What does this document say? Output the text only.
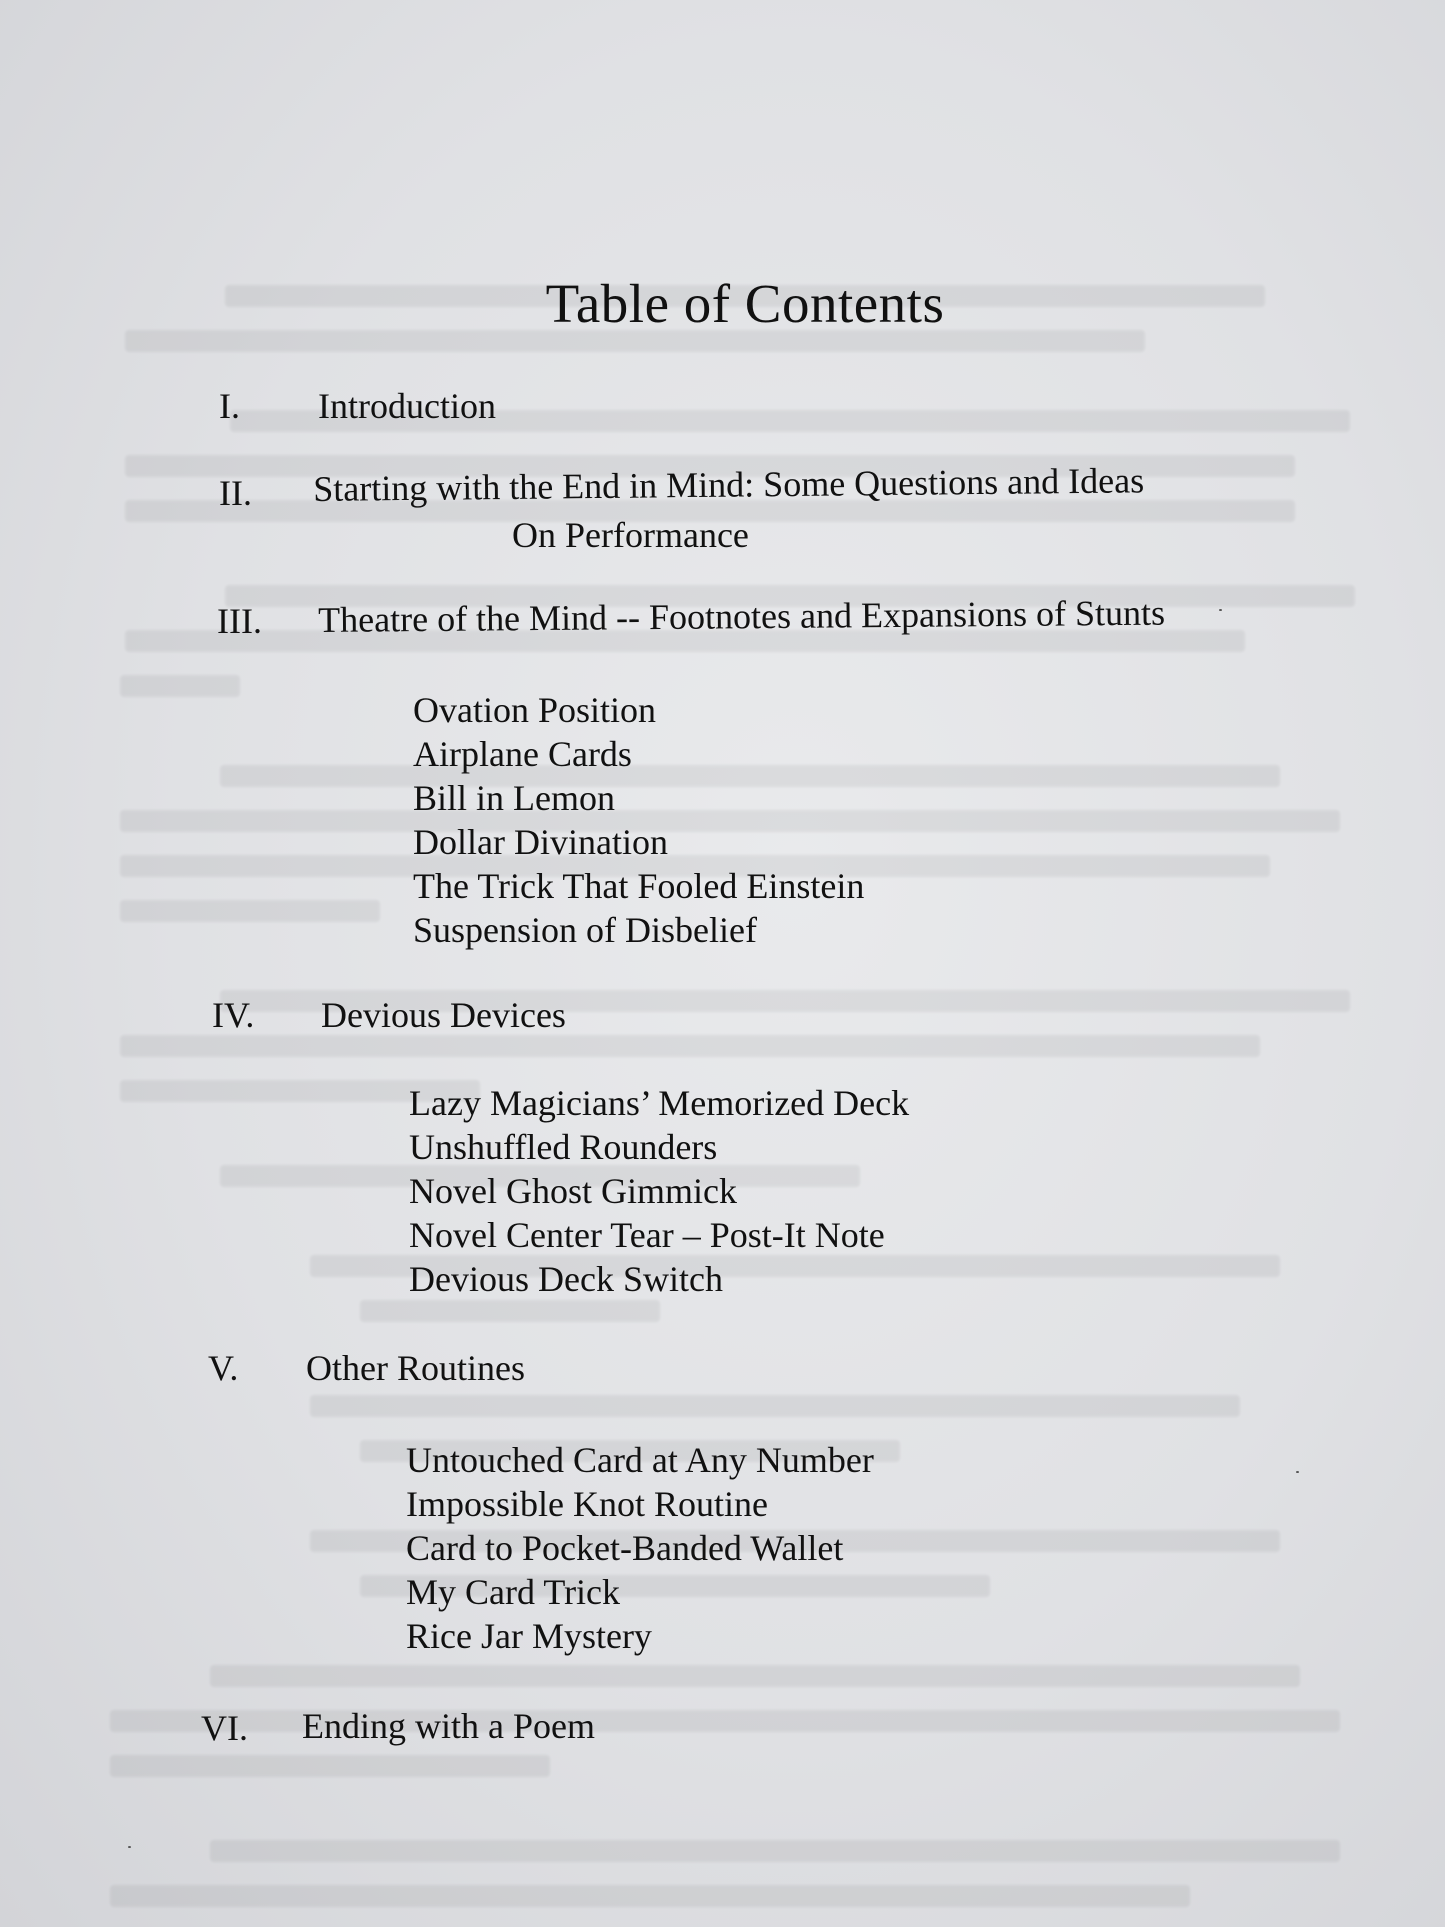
Table of Contents
I. Introduction
II. Starting with the End in Mind: Some Questions and Ideas
On Performance
III. Theatre of the Mind -- Footnotes and Expansions of Stunts
Ovation Position
Airplane Cards
Bill in Lemon
Dollar Divination
The Trick That Fooled Einstein
Suspension of Disbelief
IV. Devious Devices
Lazy Magicians’ Memorized Deck
Unshuffled Rounders
Novel Ghost Gimmick
Novel Center Tear – Post-It Note
Devious Deck Switch
V. Other Routines
Untouched Card at Any Number
Impossible Knot Routine
Card to Pocket-Banded Wallet
My Card Trick
Rice Jar Mystery
VI. Ending with a Poem
